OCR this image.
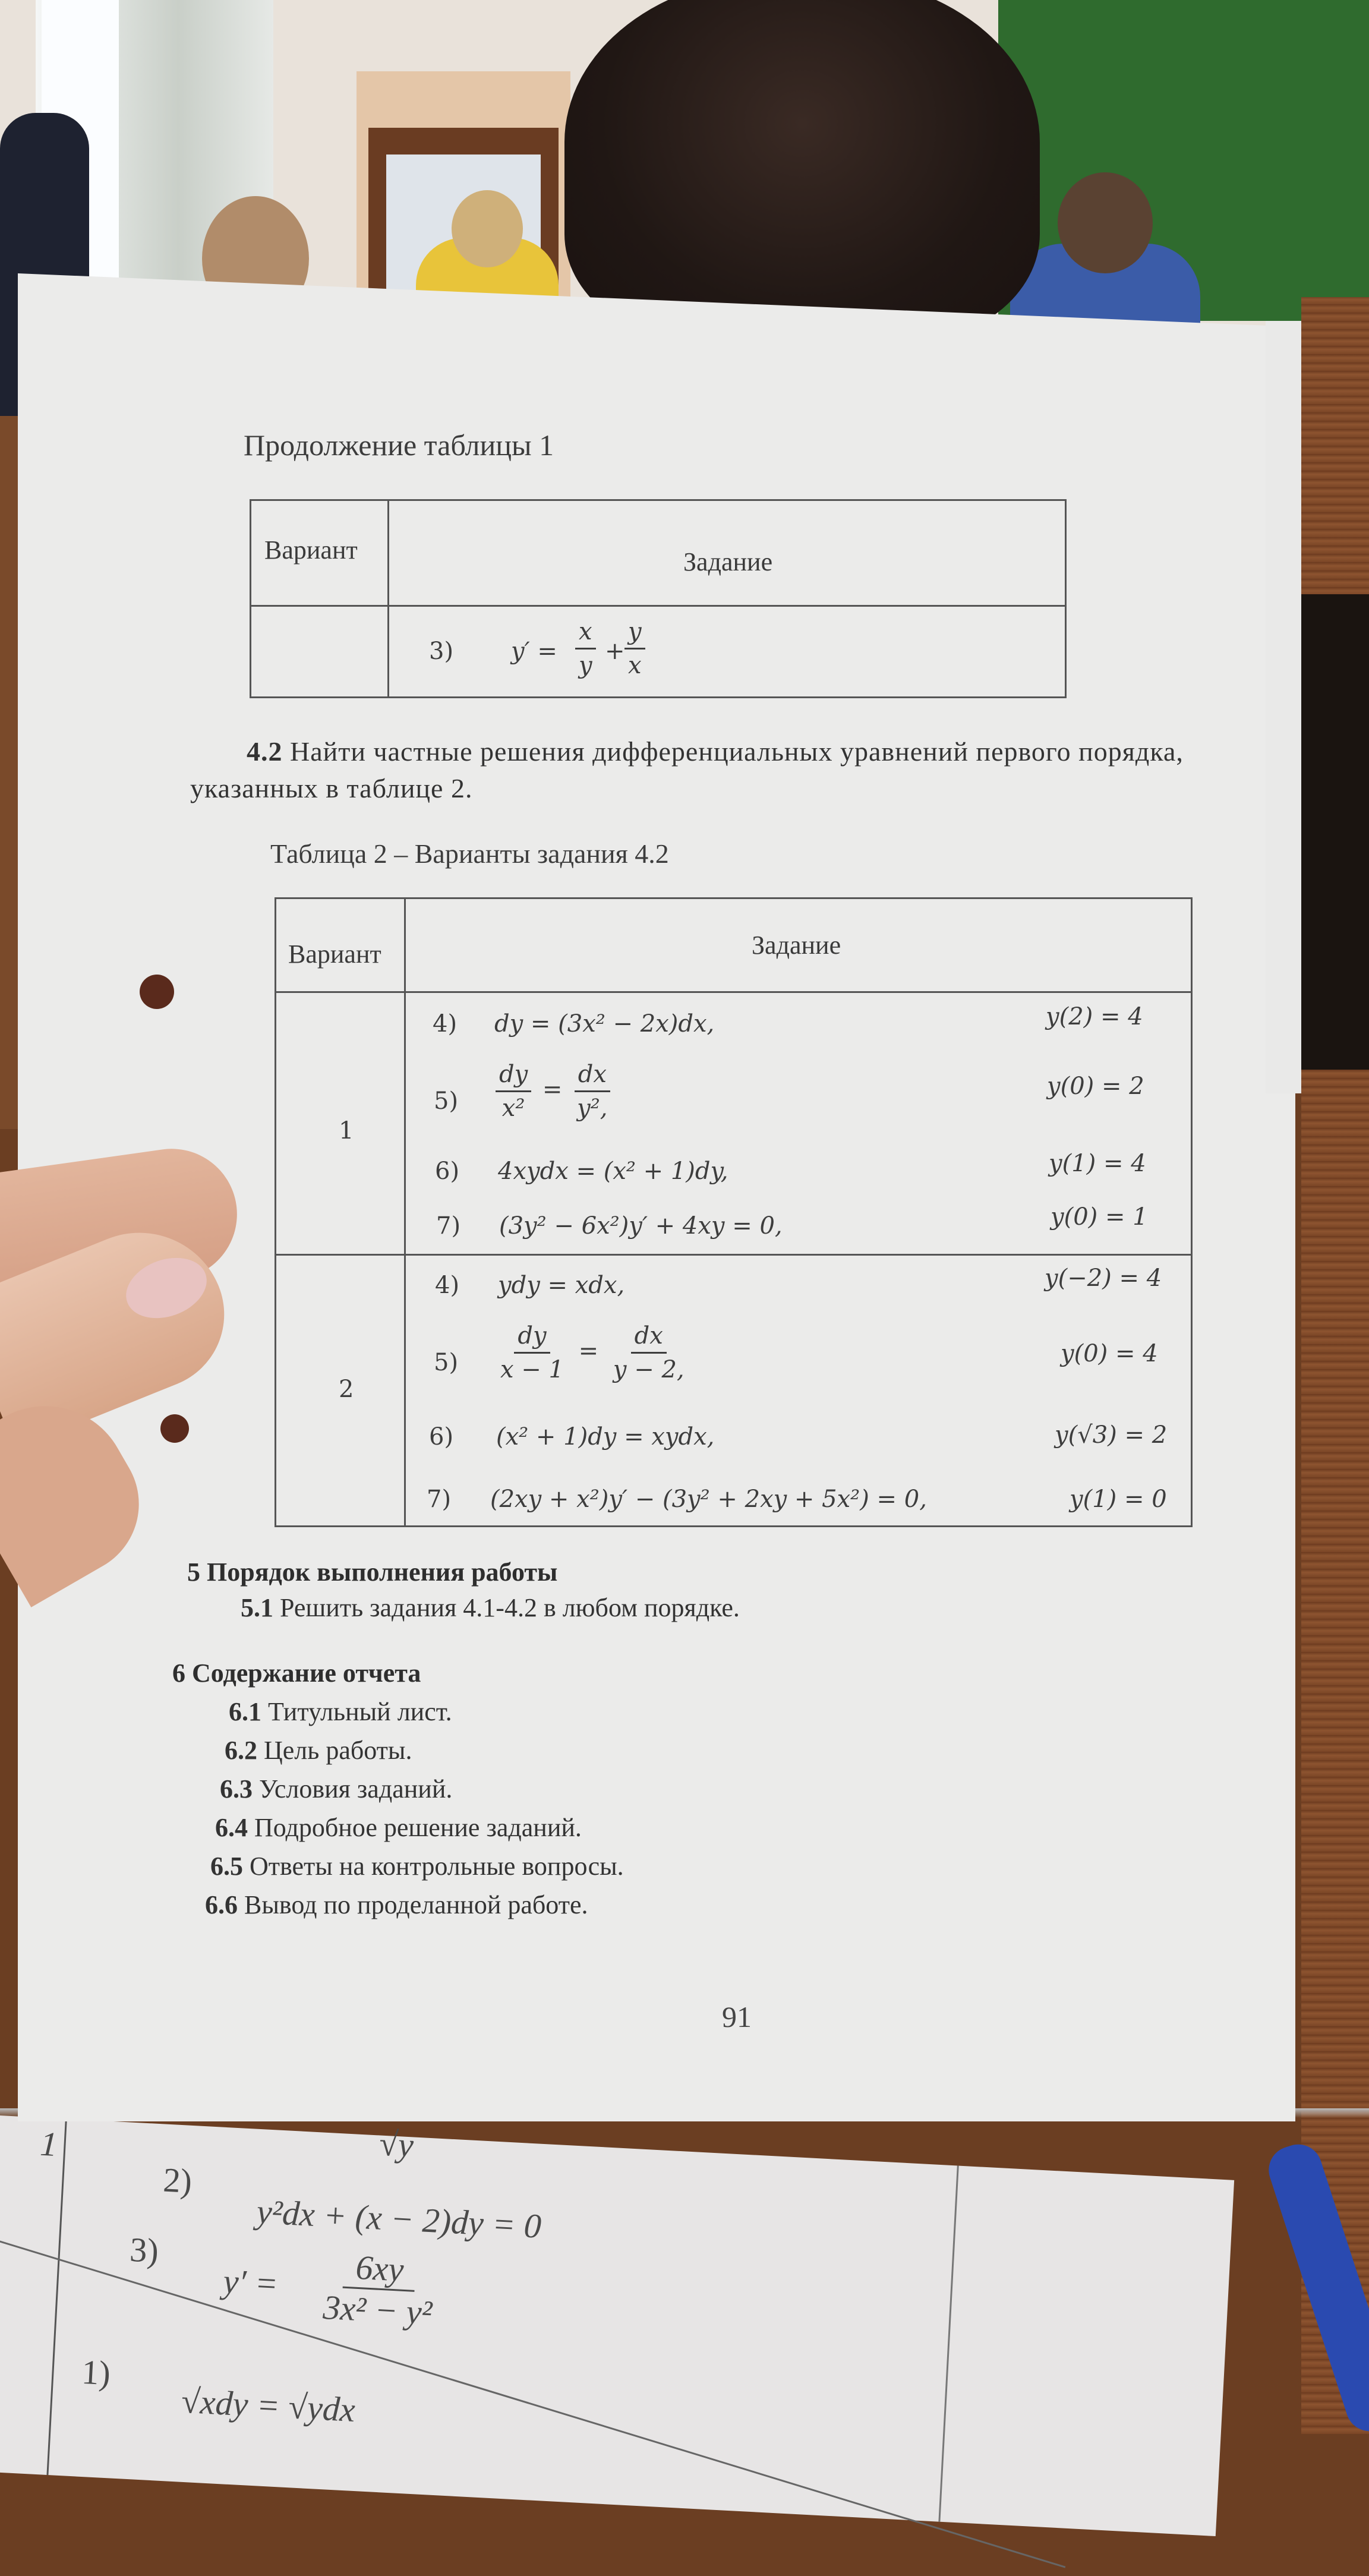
1	√y
2)
y²dx + (x − 2)dy = 0
3)
$y' = \frac{6xy}{\text{3x² − y²}}$
1)
√xdy = √ydx
Продолжение таблицы 1
Вариант	Задание
3) $y' = \frac{x}{y} + \frac{y}{x}$
4.2 Найти частные решения дифференциальных уравнений первого порядка,
указанных в таблице 2.
Таблица 2 – Варианты задания 4.2
Вариант	Задание
1
4) dy = (3x² − 2x)dx,	y(2) = 4
$5) \frac{dy}{\text{x²}} = \frac{dx}{\text{y²,}}$	y(0) = 2
6) 4xydx = (x² + 1)dy,	y(1) = 4
7) (3y² − 6x²)y′ + 4xy = 0,	y(0) = 1
2
4) ydy = xdx,	y(−2) = 4
$5) \frac{dy}{x - 1} = \frac{dx}{y - 2,}$	y(0) = 4
6) (x² + 1)dy = xydx,	y(√3) = 2
7) (2xy + x²)y′ − (3y² + 2xy + 5x²) = 0,	y(1) = 0
5 Порядок выполнения работы
5.1 Решить задания 4.1-4.2 в любом порядке.
6 Содержание отчета
6.1 Титульный лист.
6.2 Цель работы.
6.3 Условия заданий.
6.4 Подробное решение заданий.
6.5 Ответы на контрольные вопросы.
6.6 Вывод по проделанной работе.
91
